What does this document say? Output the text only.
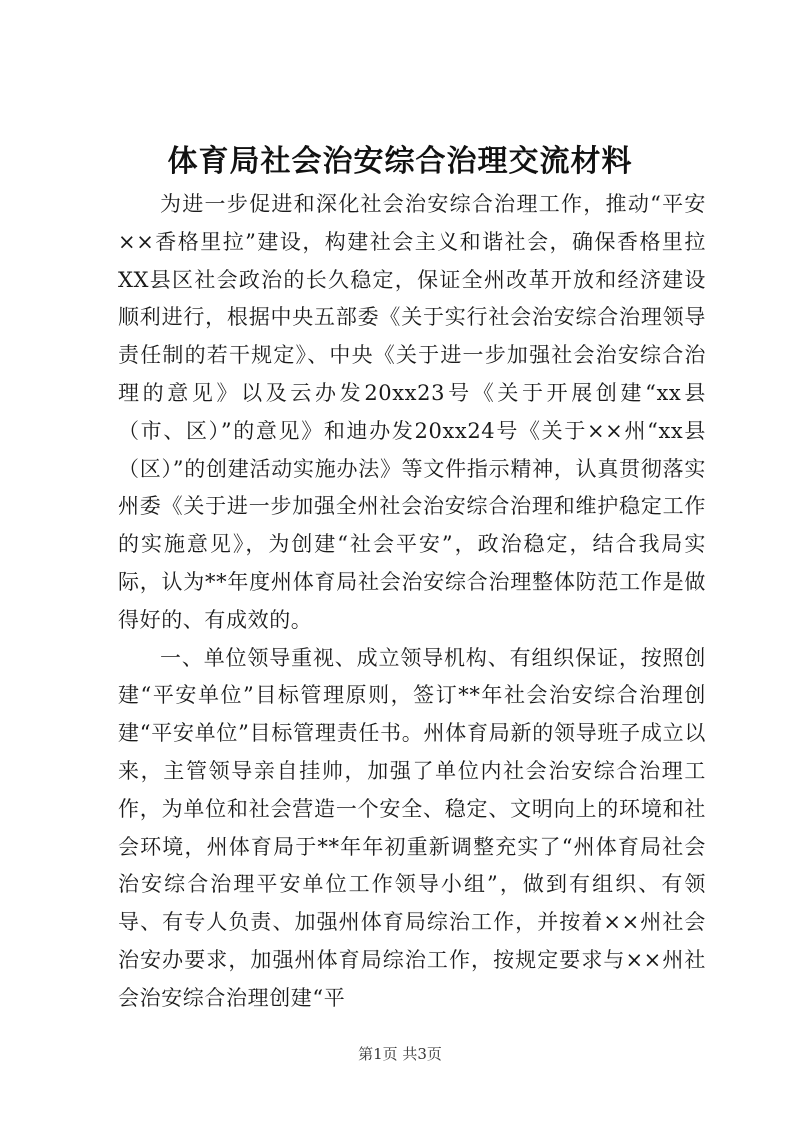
体育局社会治安综合治理交流材料

为进一步促进和深化社会治安综合治理工作，推动“平安××香格里拉”建设，构建社会主义和谐社会，确保香格里拉XX县区社会政治的长久稳定，保证全州改革开放和经济建设顺利进行，根据中央五部委《关于实行社会治安综合治理领导责任制的若干规定》、中央《关于进一步加强社会治安综合治理的意见》以及云办发20xx23号《关于开展创建“xx县（市、区）”的意见》和迪办发20xx24号《关于××州“xx县（区）”的创建活动实施办法》等文件指示精神，认真贯彻落实州委《关于进一步加强全州社会治安综合治理和维护稳定工作的实施意见》，为创建“社会平安”，政治稳定，结合我局实际，认为**年度州体育局社会治安综合治理整体防范工作是做得好的、有成效的。

一、单位领导重视、成立领导机构、有组织保证，按照创建“平安单位”目标管理原则，签订**年社会治安综合治理创建“平安单位”目标管理责任书。州体育局新的领导班子成立以来，主管领导亲自挂帅，加强了单位内社会治安综合治理工作，为单位和社会营造一个安全、稳定、文明向上的环境和社会环境，州体育局于**年年初重新调整充实了“州体育局社会治安综合治理平安单位工作领导小组”，做到有组织、有领导、有专人负责、加强州体育局综治工作，并按着××州社会治安办要求，加强州体育局综治工作，按规定要求与××州社会治安综合治理创建“平

第1页 共3页
